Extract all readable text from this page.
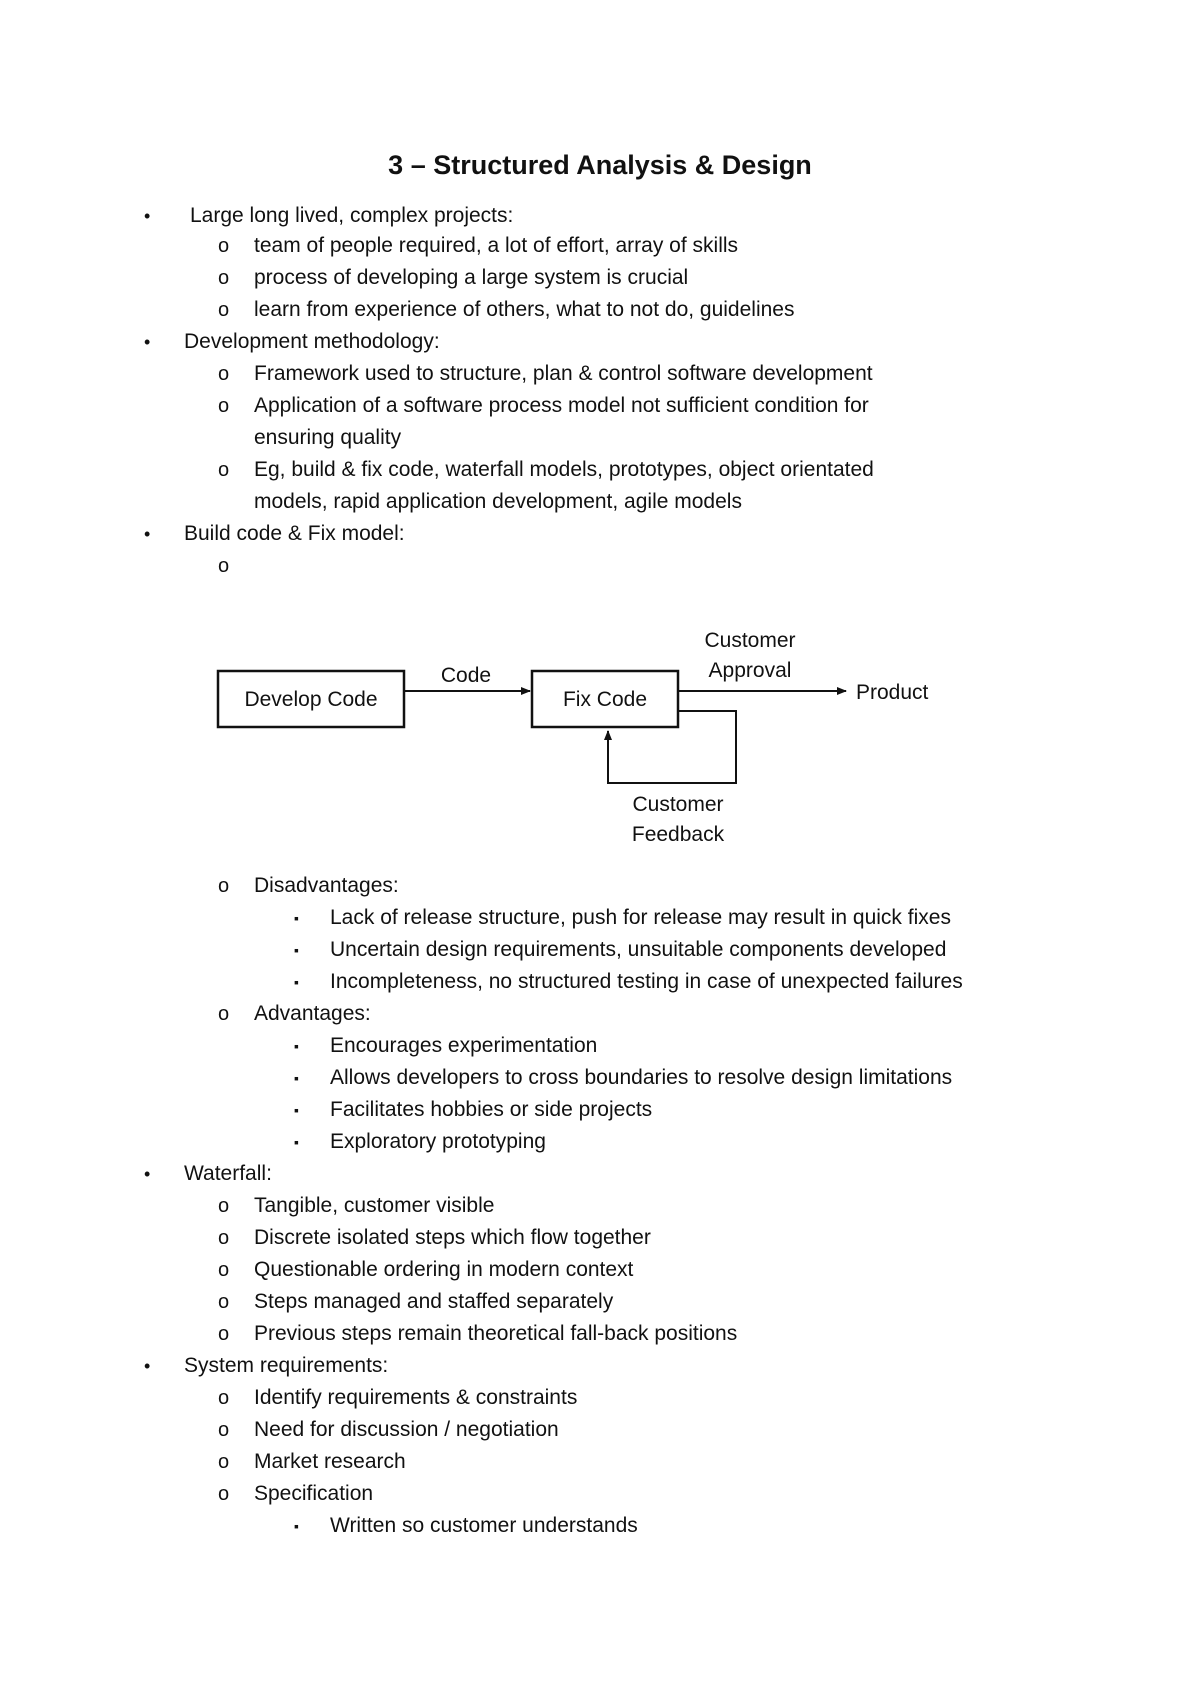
3 – Structured Analysis & Design
•	Large long lived, complex projects:
o team of people required, a lot of effort, array of skills
o process of developing a large system is crucial
o learn from experience of others, what to not do, guidelines
•	Development methodology:
o Framework used to structure, plan & control software development
o Application of a software process model not sufficient condition for
ensuring quality
o Eg, build & fix code, waterfall models, prototypes, object orientated
models, rapid application development, agile models
•	Build code & Fix model:
o
Develop Code	Fix Code
Code
Customer
Approval
Product
Customer
Feedback
o Disadvantages:
▪ Lack of release structure, push for release may result in quick fixes
▪ Uncertain design requirements, unsuitable components developed
▪ Incompleteness, no structured testing in case of unexpected failures
o Advantages:
▪ Encourages experimentation
▪ Allows developers to cross boundaries to resolve design limitations
▪ Facilitates hobbies or side projects
▪ Exploratory prototyping
•	Waterfall:
o Tangible, customer visible
o Discrete isolated steps which flow together
o Questionable ordering in modern context
o Steps managed and staffed separately
o Previous steps remain theoretical fall-back positions
•	System requirements:
o Identify requirements & constraints
o Need for discussion / negotiation
o Market research
o Specification
▪ Written so customer understands
